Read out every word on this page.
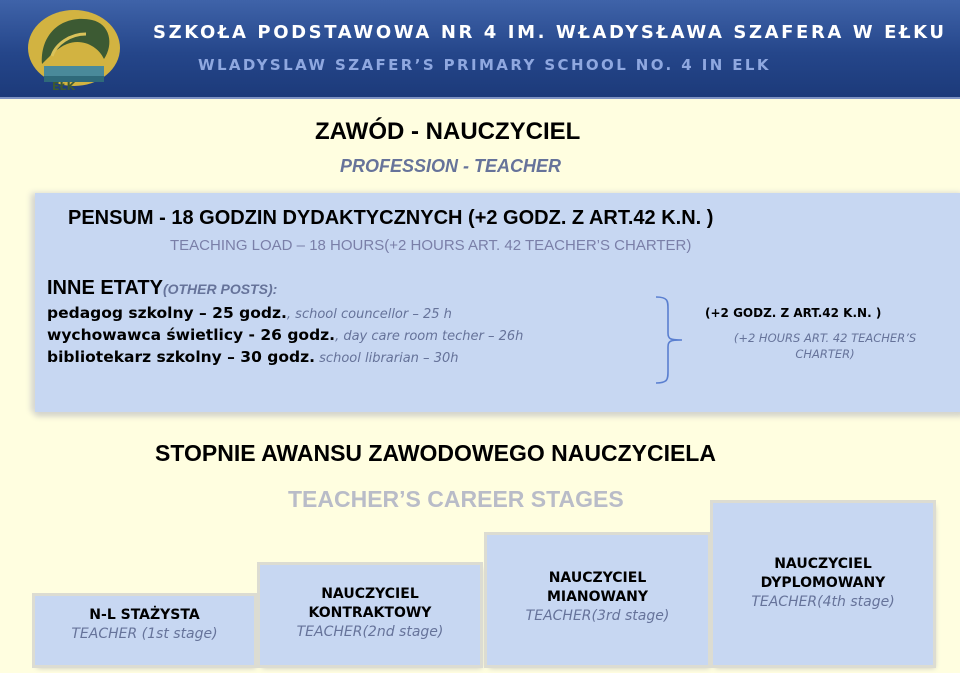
EŁK
SZKOŁA PODSTAWOWA NR 4 IM. WŁADYSŁAWA SZAFERA W EŁKU
WLADYSLAW SZAFER’S PRIMARY SCHOOL NO. 4 IN ELK
ZAWÓD - NAUCZYCIEL
PROFESSION - TEACHER
PENSUM - 18 GODZIN DYDAKTYCZNYCH (+2 GODZ. Z ART.42 K.N. )
TEACHING LOAD – 18 HOURS(+2 HOURS ART. 42 TEACHER’S CHARTER)
INNE ETATY(OTHER POSTS):
pedagog szkolny – 25 godz., school councellor – 25 h
wychowawca świetlicy - 26 godz., day care room techer – 26h
bibliotekarz szkolny – 30 godz. school librarian – 30h
(+2 GODZ. Z ART.42 K.N. )
(+2 HOURS ART. 42 TEACHER’S CHARTER)
STOPNIE AWANSU ZAWODOWEGO NAUCZYCIELA
TEACHER’S CAREER STAGES
N-L STAŻYSTA
TEACHER (1st stage)
NAUCZYCIEL
KONTRAKTOWY
TEACHER(2nd stage)
NAUCZYCIEL
MIANOWANY
TEACHER(3rd stage)
NAUCZYCIEL
DYPLOMOWANY
TEACHER(4th stage)
